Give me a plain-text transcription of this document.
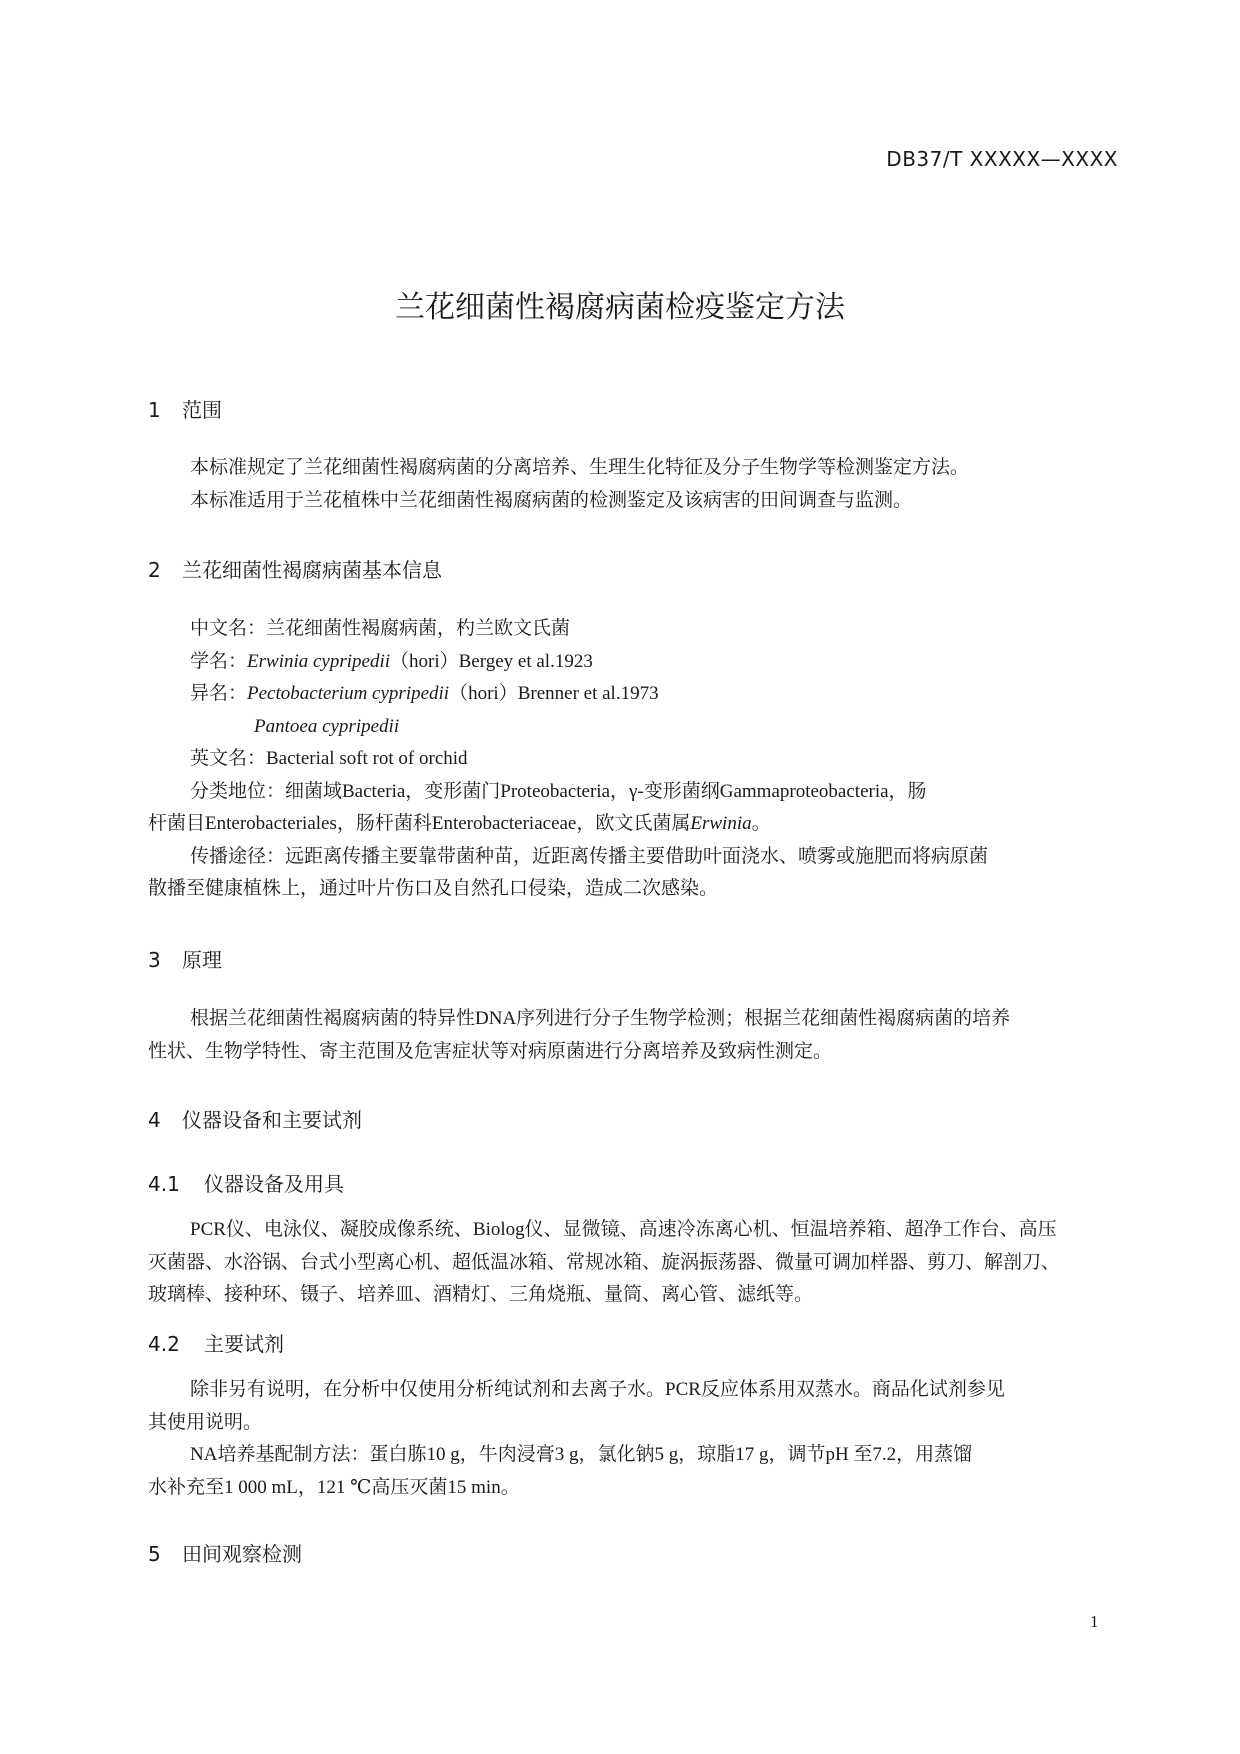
DB37/T XXXXX—XXXX
兰花细菌性褐腐病菌检疫鉴定方法
1 范围

本标准规定了兰花细菌性褐腐病菌的分离培养、生理生化特征及分子生物学等检测鉴定方法。

本标准适用于兰花植株中兰花细菌性褐腐病菌的检测鉴定及该病害的田间调查与监测。

2 兰花细菌性褐腐病菌基本信息
中文名：兰花细菌性褐腐病菌，杓兰欧文氏菌
学名：Erwinia cypripedii（hori）Bergey et al.1923
异名：Pectobacterium cypripedii（hori）Brenner et al.1973
Pantoea cypripedii
英文名：Bacterial soft rot of orchid
分类地位：细菌域Bacteria，变形菌门Proteobacteria，γ-变形菌纲Gammaproteobacteria，肠
杆菌目Enterobacteriales，肠杆菌科Enterobacteriaceae，欧文氏菌属Erwinia。
传播途径：远距离传播主要靠带菌种苗，近距离传播主要借助叶面浇水、喷雾或施肥而将病原菌
散播至健康植株上，通过叶片伤口及自然孔口侵染，造成二次感染。
3 原理
根据兰花细菌性褐腐病菌的特异性DNA序列进行分子生物学检测；根据兰花细菌性褐腐病菌的培养
性状、生物学特性、寄主范围及危害症状等对病原菌进行分离培养及致病性测定。
4 仪器设备和主要试剂
4.1 仪器设备及用具
PCR仪、电泳仪、凝胶成像系统、Biolog仪、显微镜、高速冷冻离心机、恒温培养箱、超净工作台、高压
灭菌器、水浴锅、台式小型离心机、超低温冰箱、常规冰箱、旋涡振荡器、微量可调加样器、剪刀、解剖刀、
玻璃棒、接种环、镊子、培养皿、酒精灯、三角烧瓶、量筒、离心管、滤纸等。
4.2 主要试剂
除非另有说明，在分析中仅使用分析纯试剂和去离子水。PCR反应体系用双蒸水。商品化试剂参见
其使用说明。
NA培养基配制方法：蛋白胨10 g，牛肉浸膏3 g，氯化钠5 g，琼脂17 g，调节pH 至7.2，用蒸馏
水补充至1 000 mL，121 ℃高压灭菌15 min。
5 田间观察检测
1
